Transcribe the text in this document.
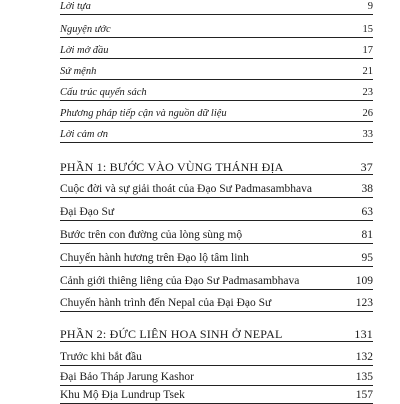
Lời tựa	9
Nguyện ước	15
Lời mở đầu	17
Sứ mệnh	21
Cấu trúc quyển sách	23
Phương pháp tiếp cận và nguồn dữ liệu	26
Lời cảm ơn	33
PHẦN 1: BƯỚC VÀO VÙNG THÁNH ĐỊA	37
Cuộc đời và sự giải thoát của Đạo Sư Padmasambhava	38
Đại Đạo Sư	63
Bước trên con đường của lòng sùng mộ	81
Chuyến hành hương trên Đạo lộ tâm linh	95
Cảnh giới thiêng liêng của Đạo Sư Padmasambhava	109
Chuyến hành trình đến Nepal của Đại Đạo Sư	123
PHẦN 2: ĐỨC LIÊN HOA SINH Ở NEPAL	131
Trước khi bắt đầu	132
Đại Bảo Tháp Jarung Kashor	135
Khu Mộ Địa Lundrup Tsek	157
